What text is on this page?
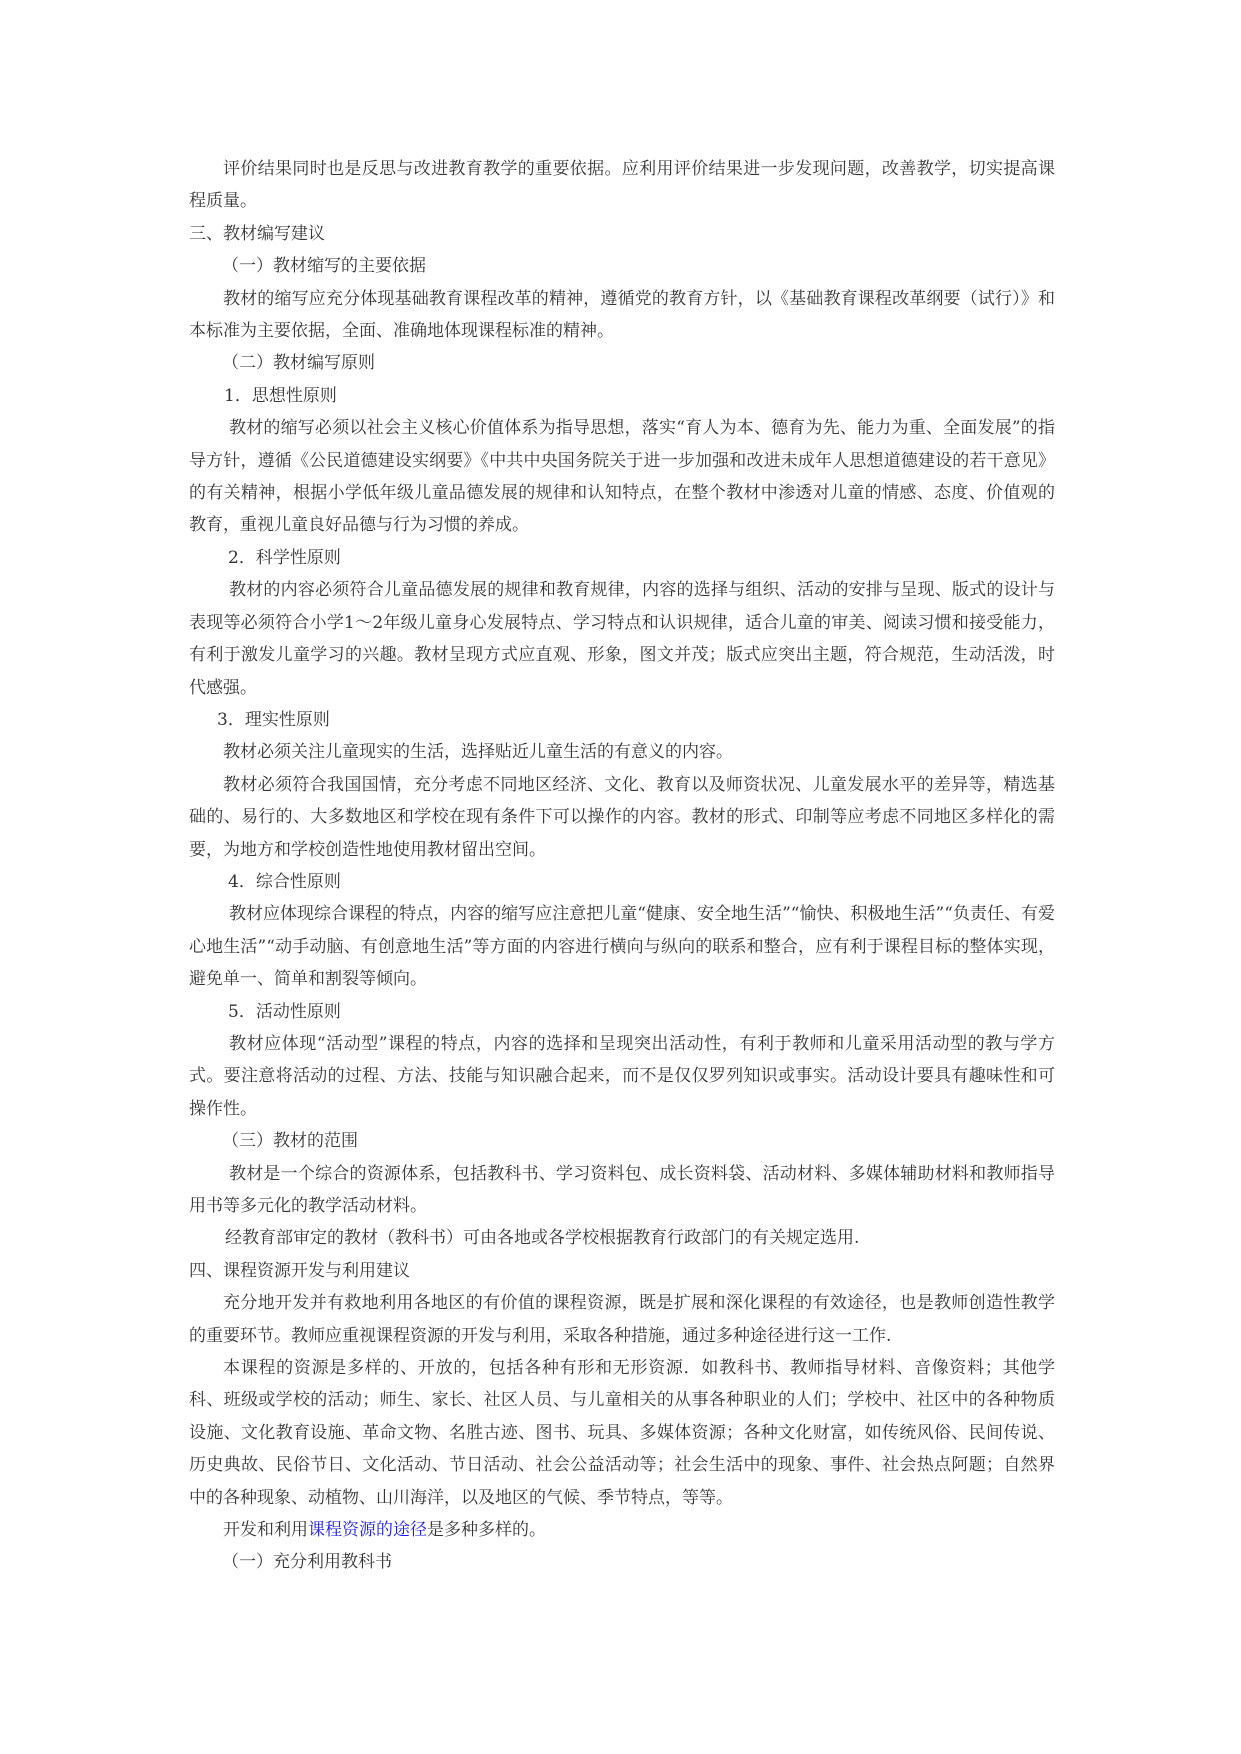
评价结果同时也是反思与改进教育教学的重要依据。应利用评价结果进一步发现问题，改善教学，切实提高课程质量。

三、教材编写建议

（一）教材缩写的主要依据

教材的缩写应充分体现基础教育课程改革的精神，遵循党的教育方针，以《基础教育课程改革纲要（试行）》和本标准为主要依据，全面、准确地体现课程标准的精神。

（二）教材编写原则

1．思想性原则

教材的缩写必须以社会主义核心价值体系为指导思想，落实“育人为本、德育为先、能力为重、全面发展”的指导方针，遵循《公民道德建设实纲要》《中共中央国务院关于进一步加强和改进未成年人思想道德建设的若干意见》的有关精神，根据小学低年级儿童品德发展的规律和认知特点，在整个教材中渗透对儿童的情感、态度、价值观的教育，重视儿童良好品德与行为习惯的养成。

2．科学性原则

教材的内容必须符合儿童品德发展的规律和教育规律，内容的选择与组织、活动的安排与呈现、版式的设计与表现等必须符合小学1～2年级儿童身心发展特点、学习特点和认识规律，适合儿童的审美、阅读习惯和接受能力，有利于激发儿童学习的兴趣。教材呈现方式应直观、形象，图文并茂；版式应突出主题，符合规范，生动活泼，时代感强。

3．理实性原则

教材必须关注儿童现实的生活，选择贴近儿童生活的有意义的内容。

教材必须符合我国国情，充分考虑不同地区经济、文化、教育以及师资状况、儿童发展水平的差异等，精选基础的、易行的、大多数地区和学校在现有条件下可以操作的内容。教材的形式、印制等应考虑不同地区多样化的需要，为地方和学校创造性地使用教材留出空间。

4．综合性原则

教材应体现综合课程的特点，内容的缩写应注意把儿童“健康、安全地生活”“愉快、积极地生活”“负责任、有爱心地生活”“动手动脑、有创意地生活”等方面的内容进行横向与纵向的联系和整合，应有利于课程目标的整体实现，避免单一、简单和割裂等倾向。

5．活动性原则

教材应体现“活动型”课程的特点，内容的选择和呈现突出活动性，有利于教师和儿童采用活动型的教与学方式。要注意将活动的过程、方法、技能与知识融合起来，而不是仅仅罗列知识或事实。活动设计要具有趣味性和可操作性。

（三）教材的范围

教材是一个综合的资源体系，包括教科书、学习资料包、成长资料袋、活动材料、多媒体辅助材料和教师指导用书等多元化的教学活动材料。

经教育部审定的教材（教科书）可由各地或各学校根据教育行政部门的有关规定选用.

四、课程资源开发与利用建议

充分地开发并有救地利用各地区的有价值的课程资源，既是扩展和深化课程的有效途径，也是教师创造性教学的重要环节。教师应重视课程资源的开发与利用，采取各种措施，通过多种途径进行这一工作.

本课程的资源是多样的、开放的，包括各种有形和无形资源．如教科书、教师指导材料、音像资料；其他学科、班级或学校的活动；师生、家长、社区人员、与儿童相关的从事各种职业的人们；学校中、社区中的各种物质设施、文化教育设施、革命文物、名胜古迹、图书、玩具、多媒体资源；各种文化财富，如传统风俗、民间传说、历史典故、民俗节日、文化活动、节日活动、社会公益活动等；社会生活中的现象、事件、社会热点阿题；自然界中的各种现象、动植物、山川海洋，以及地区的气候、季节特点，等等。

开发和利用课程资源的途径是多种多样的。

（一）充分利用教科书
